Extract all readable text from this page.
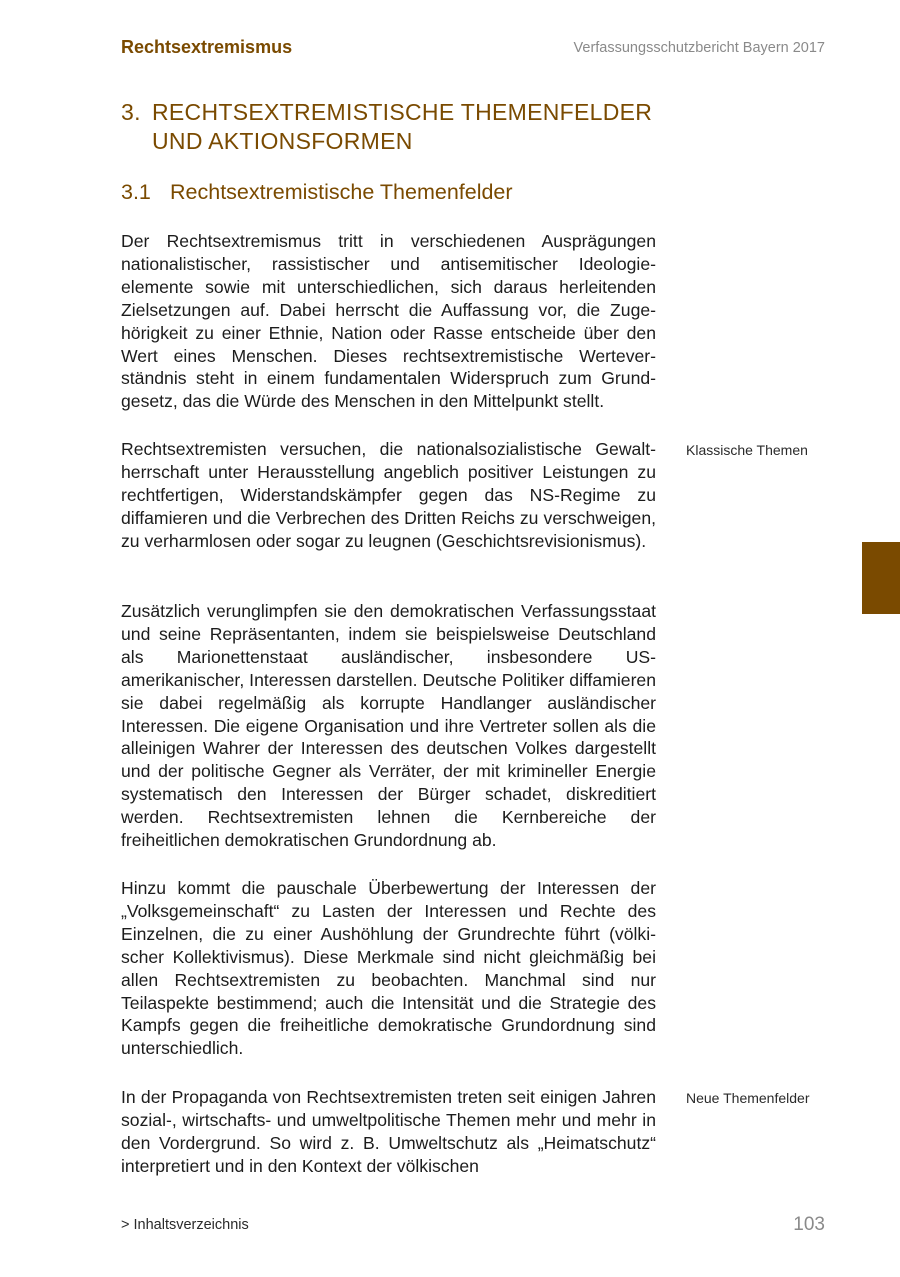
Rechtsextremismus	Verfassungsschutzbericht Bayern 2017
3. RECHTSEXTREMISTISCHE THEMENFELDER
UND AKTIONSFORMEN
3.1 Rechtsextremistische Themenfelder

Der Rechtsextremismus tritt in verschiedenen Ausprägungen nationalistischer, rassistischer und antisemitischer Ideologieelemente sowie mit unterschiedlichen, sich daraus herleitenden Zielsetzungen auf. Dabei herrscht die Auffassung vor, die Zugehörigkeit zu einer Ethnie, Nation oder Rasse entscheide über den Wert eines Menschen. Dieses rechtsextremistische Werteverständnis steht in einem fundamentalen Widerspruch zum Grundgesetz, das die Würde des Menschen in den Mittelpunkt stellt.

Rechtsextremisten versuchen, die nationalsozialistische Gewaltherrschaft unter Herausstellung angeblich positiver Leistungen zu rechtfertigen, Widerstandskämpfer gegen das NS-Regime zu diffamieren und die Verbrechen des Dritten Reichs zu verschweigen, zu verharmlosen oder sogar zu leugnen (Geschichtsrevisionismus).

Zusätzlich verunglimpfen sie den demokratischen Verfassungsstaat und seine Repräsentanten, indem sie beispielsweise Deutschland als Marionettenstaat ausländischer, insbesondere US-amerikanischer, Interessen darstellen. Deutsche Politiker diffamieren sie dabei regelmäßig als korrupte Handlanger ausländischer Interessen. Die eigene Organisation und ihre Vertreter sollen als die alleinigen Wahrer der Interessen des deutschen Volkes dargestellt und der politische Gegner als Verräter, der mit krimineller Energie systematisch den Interessen der Bürger schadet, diskreditiert werden. Rechtsextremisten lehnen die Kernbereiche der freiheitlichen demokratischen Grundordnung ab.

Hinzu kommt die pauschale Überbewertung der Interessen der „Volksgemeinschaft“ zu Lasten der Interessen und Rechte des Einzelnen, die zu einer Aushöhlung der Grundrechte führt (völkischer Kollektivismus). Diese Merkmale sind nicht gleichmäßig bei allen Rechtsextremisten zu beobachten. Manchmal sind nur Teilaspekte bestimmend; auch die Intensität und die Strategie des Kampfs gegen die freiheitliche demokratische Grundordnung sind unterschiedlich.

In der Propaganda von Rechtsextremisten treten seit einigen Jahren sozial-, wirtschafts- und umweltpolitische Themen mehr und mehr in den Vordergrund. So wird z. B. Umweltschutz als „Heimatschutz“ interpretiert und in den Kontext der völkischen

Klassische Themen
Neue Themenfelder
> Inhaltsverzeichnis	103
